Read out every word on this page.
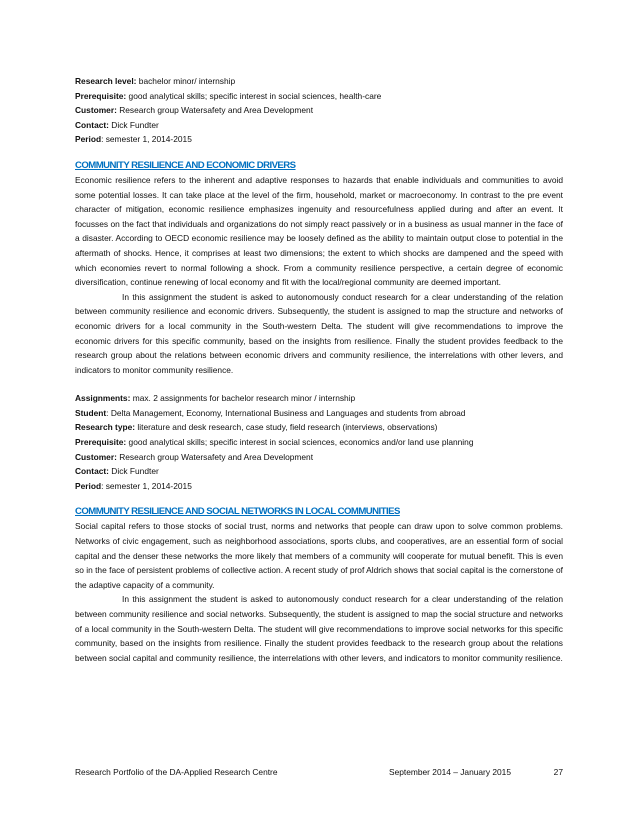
Research level: bachelor minor/ internship
Prerequisite: good analytical skills; specific interest in social sciences, health-care
Customer: Research group Watersafety and Area Development
Contact: Dick Fundter
Period: semester 1, 2014-2015
COMMUNITY RESILIENCE AND ECONOMIC DRIVERS

Economic resilience refers to the inherent and adaptive responses to hazards that enable individuals and communities to avoid some potential losses. It can take place at the level of the firm, household, market or macroeconomy. In contrast to the pre event character of mitigation, economic resilience emphasizes ingenuity and resourcefulness applied during and after an event. It focusses on the fact that individuals and organizations do not simply react passively or in a business as usual manner in the face of a disaster. According to OECD economic resilience may be loosely defined as the ability to maintain output close to potential in the aftermath of shocks. Hence, it comprises at least two dimensions; the extent to which shocks are dampened and the speed with which economies revert to normal following a shock. From a community resilience perspective, a certain degree of economic diversification, continue renewing of local economy and fit with the local/regional community are deemed important.

In this assignment the student is asked to autonomously conduct research for a clear understanding of the relation between community resilience and economic drivers. Subsequently, the student is assigned to map the structure and networks of economic drivers for a local community in the South-western Delta. The student will give recommendations to improve the economic drivers for this specific community, based on the insights from resilience. Finally the student provides feedback to the research group about the relations between economic drivers and community resilience, the interrelations with other levers, and indicators to monitor community resilience.

Assignments: max. 2 assignments for bachelor research minor / internship
Student: Delta Management, Economy, International Business and Languages and students from abroad
Research type: literature and desk research, case study, field research (interviews, observations)
Prerequisite: good analytical skills; specific interest in social sciences, economics and/or land use planning
Customer: Research group Watersafety and Area Development
Contact: Dick Fundter
Period: semester 1, 2014-2015
COMMUNITY RESILIENCE AND SOCIAL NETWORKS IN LOCAL COMMUNITIES

Social capital refers to those stocks of social trust, norms and networks that people can draw upon to solve common problems. Networks of civic engagement, such as neighborhood associations, sports clubs, and cooperatives, are an essential form of social capital and the denser these networks the more likely that members of a community will cooperate for mutual benefit. This is even so in the face of persistent problems of collective action. A recent study of prof Aldrich shows that social capital is the cornerstone of the adaptive capacity of a community.

In this assignment the student is asked to autonomously conduct research for a clear understanding of the relation between community resilience and social networks. Subsequently, the student is assigned to map the social structure and networks of a local community in the South-western Delta. The student will give recommendations to improve social networks for this specific community, based on the insights from resilience. Finally the student provides feedback to the research group about the relations between social capital and community resilience, the interrelations with other levers, and indicators to monitor community resilience.

Research Portfolio of the DA-Applied Research Centre	September 2014 – January 2015	27
